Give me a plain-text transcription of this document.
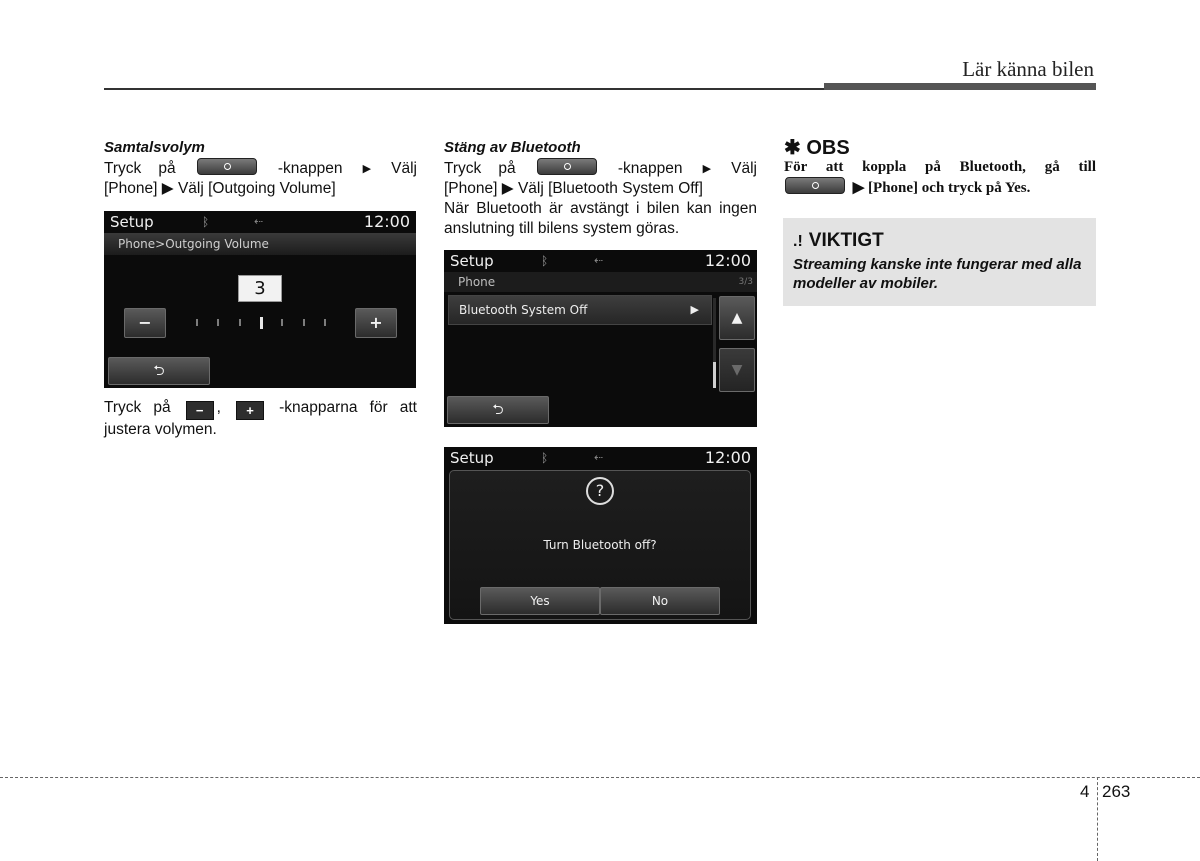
Lär känna bilen
Samtalsvolym
Tryck på	-knappen ▶ Välj
[Phone] ▶ Välj [Outgoing Volume]
Setup	ᛒ	⇠	12:00
Phone>Outgoing Volume
3
−	+
⮌
Tryck på − , + -knapparna för att justera volymen.
Stäng av Bluetooth
Tryck på	-knappen ▶ Välj
[Phone] ▶ Välj [Bluetooth System Off]
När Bluetooth är avstängt i bilen kan ingen anslutning till bilens system göras.
Setup	ᛒ	⇠	12:00
Phone	3/3
Bluetooth System Off	▶
▲
▼
⮌
Setup	ᛒ	⇠	12:00
?
Turn Bluetooth off?
Yes	No
✱ OBS
För att koppla på Bluetooth, gå till
▶ [Phone] och tryck på Yes.
.! VIKTIGT
Streaming kanske inte fungerar med alla modeller av mobiler.
4 263
